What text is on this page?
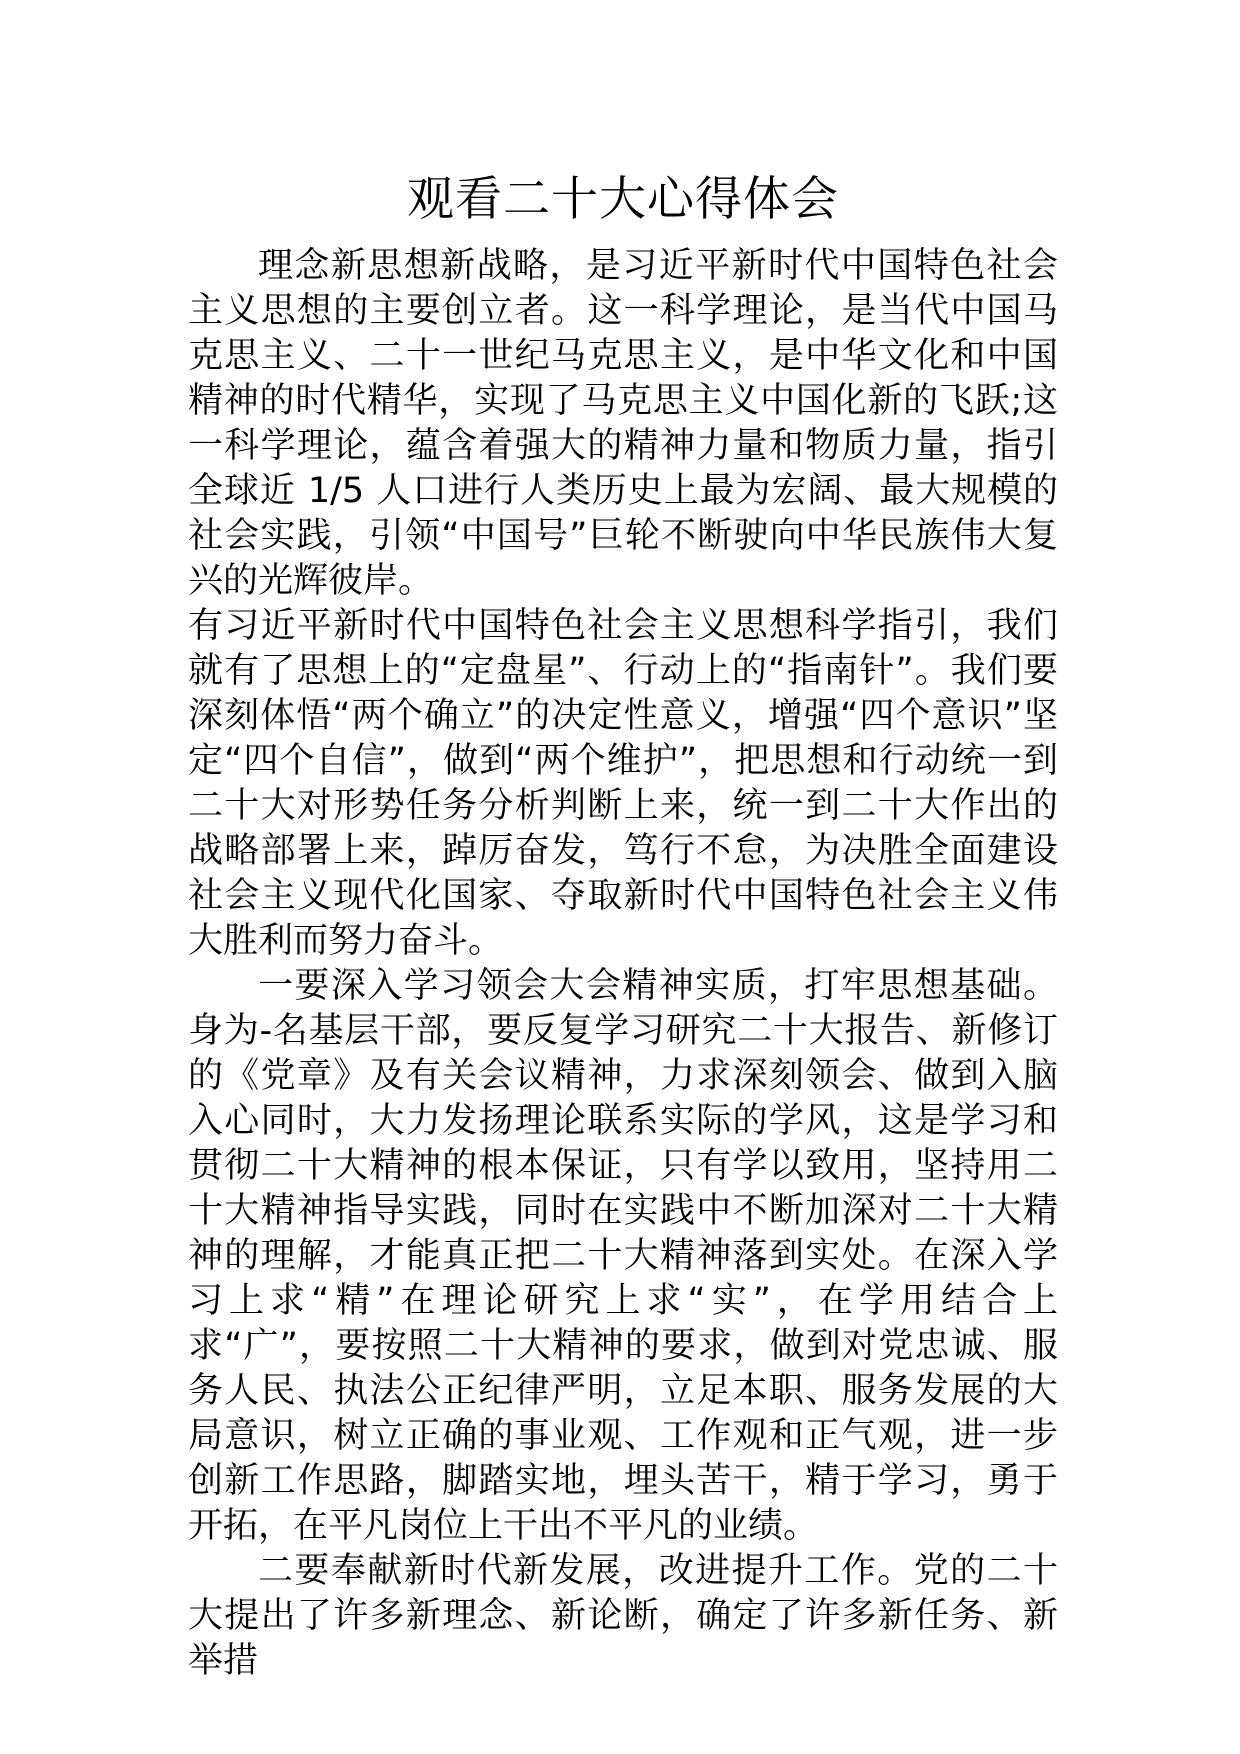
观看二十大心得体会

理念新思想新战略，是习近平新时代中国特色社会主义思想的主要创立者。这一科学理论，是当代中国马克思主义、二十一世纪马克思主义，是中华文化和中国精神的时代精华，实现了马克思主义中国化新的飞跃;这一科学理论，蕴含着强大的精神力量和物质力量，指引全球近 1/5 人口进行人类历史上最为宏阔、最大规模的社会实践，引领“中国号”巨轮不断驶向中华民族伟大复兴的光辉彼岸。

有习近平新时代中国特色社会主义思想科学指引，我们就有了思想上的“定盘星”、行动上的“指南针”。我们要深刻体悟“两个确立”的决定性意义，增强“四个意识”坚定“四个自信”，做到“两个维护”，把思想和行动统一到二十大对形势任务分析判断上来，统一到二十大作出的战略部署上来，踔厉奋发，笃行不怠，为决胜全面建设社会主义现代化国家、夺取新时代中国特色社会主义伟大胜利而努力奋斗。

一要深入学习领会大会精神实质，打牢思想基础。身为-名基层干部，要反复学习研究二十大报告、新修订的《党章》及有关会议精神，力求深刻领会、做到入脑入心同时，大力发扬理论联系实际的学风，这是学习和贯彻二十大精神的根本保证，只有学以致用，坚持用二十大精神指导实践，同时在实践中不断加深对二十大精神的理解，才能真正把二十大精神落到实处。在深入学习上求“精”在理论研究上求“实”，在学用结合上求“广”，要按照二十大精神的要求，做到对党忠诚、服务人民、执法公正纪律严明，立足本职、服务发展的大局意识，树立正确的事业观、工作观和正气观，进一步创新工作思路，脚踏实地，埋头苦干，精于学习，勇于开拓，在平凡岗位上干出不平凡的业绩。

二要奉献新时代新发展，改进提升工作。党的二十大提出了许多新理念、新论断，确定了许多新任务、新举措
